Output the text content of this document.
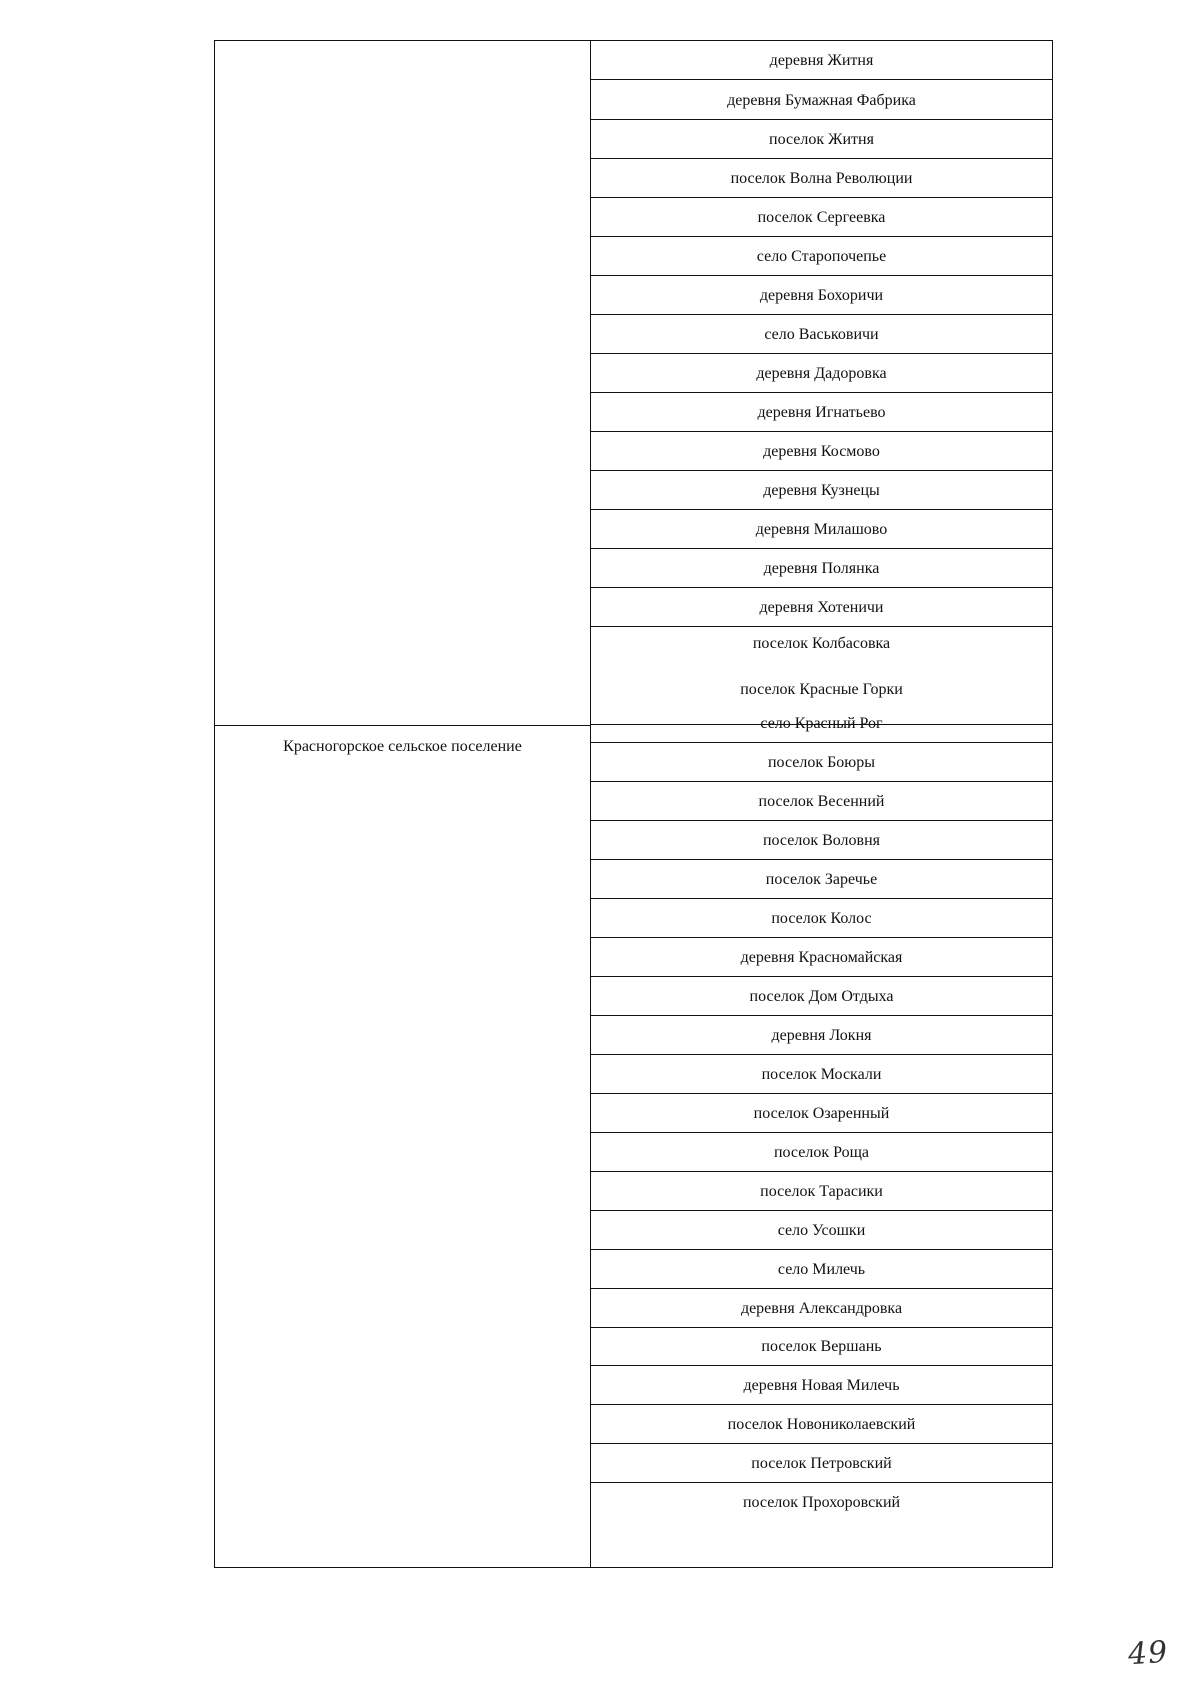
Красногорское сельское поселение
деревня Житня
деревня Бумажная Фабрика
поселок Житня
поселок Волна Революции
поселок Сергеевка
село Старопочепье
деревня Бохоричи
село Васьковичи
деревня Дадоровка
деревня Игнатьево
деревня Космово
деревня Кузнецы
деревня Милашово
деревня Полянка
деревня Хотеничи
поселок Колбасовка
поселок Красные Горки
село Красный Рог
поселок Боюры
поселок Весенний
поселок Воловня
поселок Заречье
поселок Колос
деревня Красномайская
поселок Дом Отдыха
деревня Локня
поселок Москали
поселок Озаренный
поселок Роща
поселок Тарасики
село Усошки
село Милечь
деревня Александровка
поселок Вершань
деревня Новая Милечь
поселок Новониколаевский
поселок Петровский
поселок Прохоровский
49
